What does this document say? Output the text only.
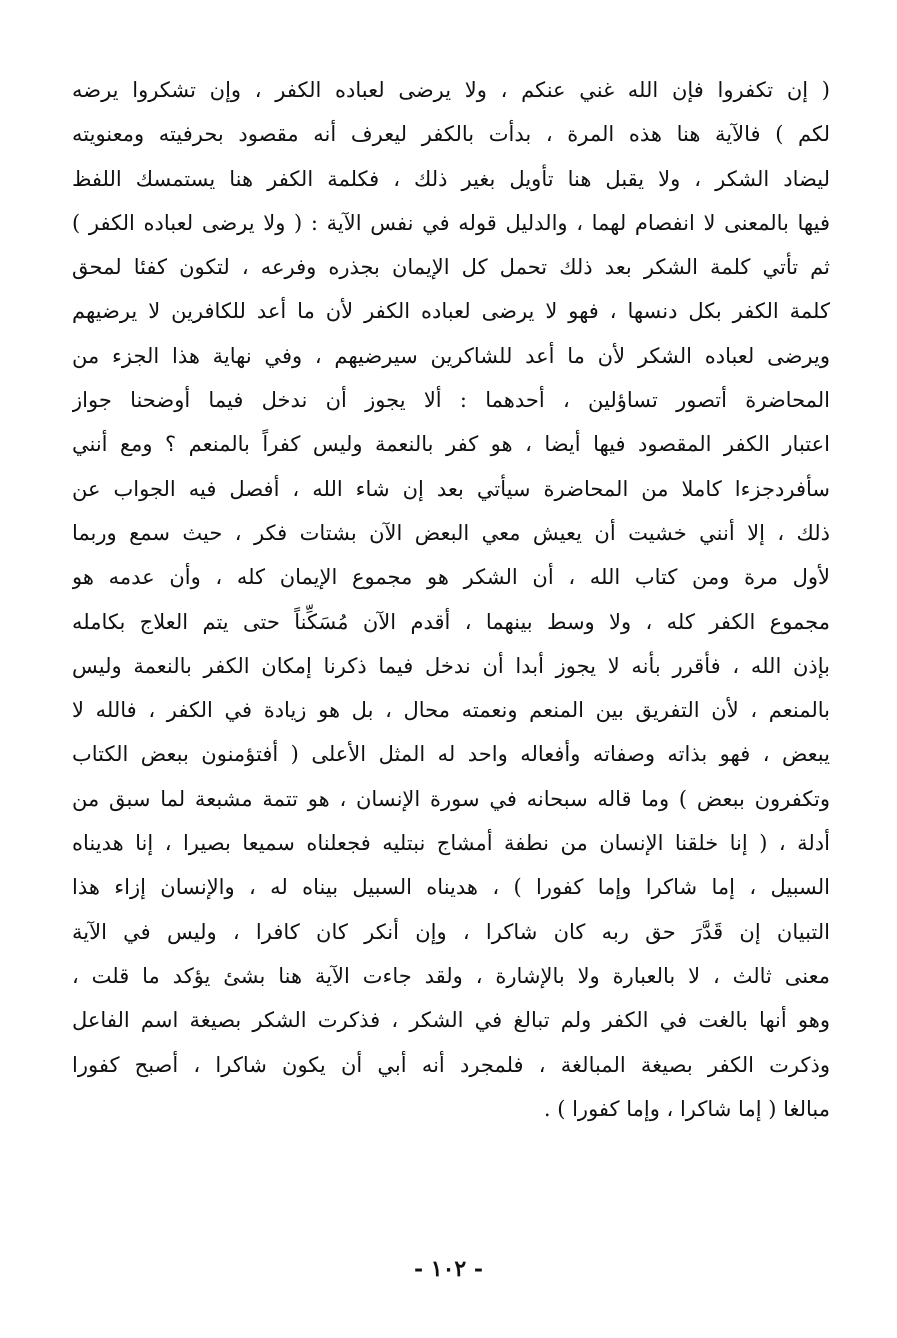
( إن تكفروا فإن الله غني عنكم ، ولا يرضى لعباده الكفر ، وإن تشكروا يرضه
لكم ) فالآية هنا هذه المرة ، بدأت بالكفر ليعرف أنه مقصود بحرفيته ومعنويته
ليضاد الشكر ، ولا يقبل هنا تأويل بغير ذلك ، فكلمة الكفر هنا يستمسك اللفظ
فيها بالمعنى لا انفصام لهما ، والدليل قوله في نفس الآية : ( ولا يرضى لعباده الكفر )
ثم تأتي كلمة الشكر بعد ذلك تحمل كل الإيمان بجذره وفرعه ، لتكون كفئا لمحق
كلمة الكفر بكل دنسها ، فهو لا يرضى لعباده الكفر لأن ما أعد للكافرين لا يرضيهم
ويرضى لعباده الشكر لأن ما أعد للشاكرين سيرضيهم ، وفي نهاية هذا الجزء من
المحاضرة أتصور تساؤلين ، أحدهما : ألا يجوز أن ندخل فيما أوضحنا جواز
اعتبار الكفر المقصود فيها أيضا ، هو كفر بالنعمة وليس كفراً بالمنعم ؟ ومع أنني
سأفردجزءا كاملا من المحاضرة سيأتي بعد إن شاء الله ، أفصل فيه الجواب عن
ذلك ، إلا أنني خشيت أن يعيش معي البعض الآن بشتات فكر ، حيث سمع وربما
لأول مرة ومن كتاب الله ، أن الشكر هو مجموع الإيمان كله ، وأن عدمه هو
مجموع الكفر كله ، ولا وسط بينهما ، أقدم الآن مُسَكِّناً حتى يتم العلاج بكامله
بإذن الله ، فأقرر بأنه لا يجوز أبدا أن ندخل فيما ذكرنا إمكان الكفر بالنعمة وليس
بالمنعم ، لأن التفريق بين المنعم ونعمته محال ، بل هو زيادة في الكفر ، فالله لا
يبعض ، فهو بذاته وصفاته وأفعاله واحد له المثل الأعلى ( أفتؤمنون ببعض الكتاب
وتكفرون ببعض ) وما قاله سبحانه في سورة الإنسان ، هو تتمة مشبعة لما سبق من
أدلة ، ( إنا خلقنا الإنسان من نطفة أمشاج نبتليه فجعلناه سميعا بصيرا ، إنا هديناه
السبيل ، إما شاكرا وإما كفورا ) ، هديناه السبيل بيناه له ، والإنسان إزاء هذا
التبيان إن قَدَّرَ حق ربه كان شاكرا ، وإن أنكر كان كافرا ، وليس في الآية
معنى ثالث ، لا بالعبارة ولا بالإشارة ، ولقد جاءت الآية هنا بشئ يؤكد ما قلت ،
وهو أنها بالغت في الكفر ولم تبالغ في الشكر ، فذكرت الشكر بصيغة اسم الفاعل
وذكرت الكفر بصيغة المبالغة ، فلمجرد أنه أبي أن يكون شاكرا ، أصبح كفورا
مبالغا ( إما شاكرا ، وإما كفورا ) .
- ١٠٢ -
